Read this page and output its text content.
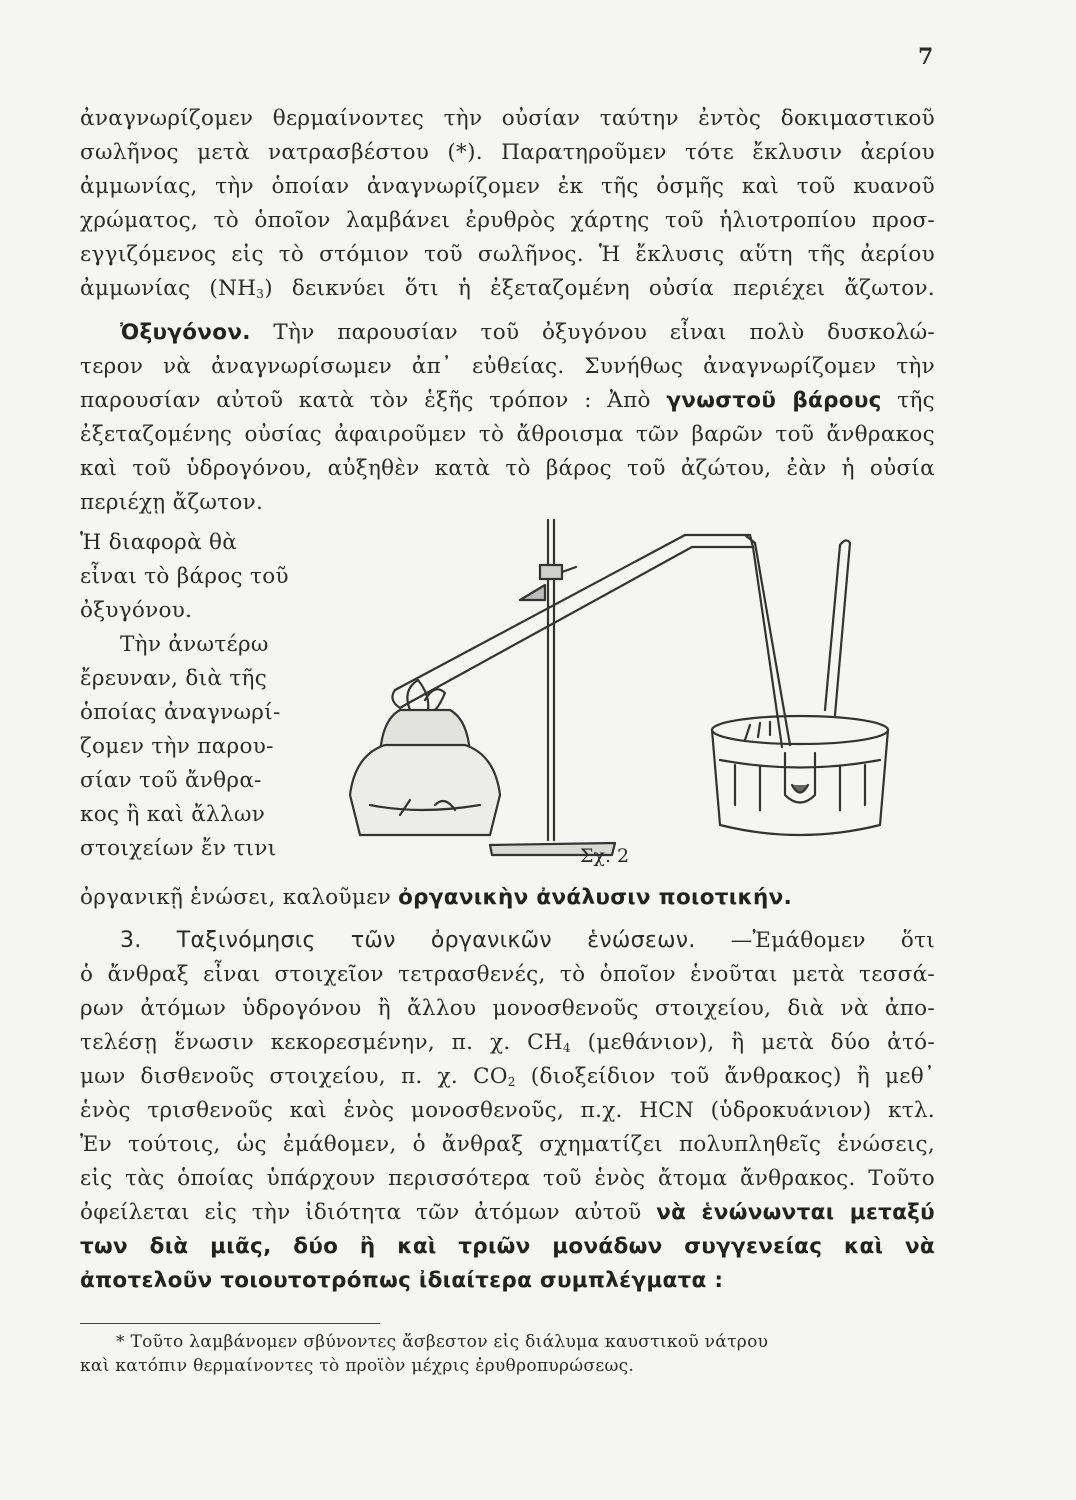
7
ἀναγνωρίζομεν θερμαίνοντες τὴν οὐσίαν ταύτην ἐντὸς δοκιμαστικοῦ
σωλῆνος μετὰ νατρασβέστου (*). Παρατηροῦμεν τότε ἔκλυσιν ἀερίου
ἀμμωνίας, τὴν ὁποίαν ἀναγνωρίζομεν ἐκ τῆς ὀσμῆς καὶ τοῦ κυανοῦ
χρώματος, τὸ ὁποῖον λαμβάνει ἐρυθρὸς χάρτης τοῦ ἡλιοτροπίου προσ-
εγγιζόμενος εἰς τὸ στόμιον τοῦ σωλῆνος. Ἡ ἔκλυσις αὕτη τῆς ἀερίου
ἀμμωνίας $(NH_3)$ δεικνύει ὅτι ἡ ἐξεταζομένη οὐσία περιέχει ἄζωτον.
Ὀξυγόνον. Τὴν παρουσίαν τοῦ ὀξυγόνου εἶναι πολὺ δυσκολώ-
τερον νὰ ἀναγνωρίσωμεν ἀπ᾽ εὐθείας. Συνήθως ἀναγνωρίζομεν τὴν
παρουσίαν αὐτοῦ κατὰ τὸν ἑξῆς τρόπον : Ἀπὸ γνωστοῦ βάρους τῆς
ἐξεταζομένης οὐσίας ἀφαιροῦμεν τὸ ἄθροισμα τῶν βαρῶν τοῦ ἄνθρακος
καὶ τοῦ ὑδρογόνου, αὐξηθὲν κατὰ τὸ βάρος τοῦ ἀζώτου, ἐὰν ἡ οὐσία
περιέχῃ ἄζωτον.
Ἡ διαφορὰ θὰ
εἶναι τὸ βάρος τοῦ
ὀξυγόνου.
Τὴν ἀνωτέρω
ἔρευναν, διὰ τῆς
ὁποίας ἀναγνωρί-
ζομεν τὴν παρου-
σίαν τοῦ ἄνθρα-
κος ἢ καὶ ἄλλων
στοιχείων ἔν τινι	Σχ. 2
ὀργανικῇ ἑνώσει, καλοῦμεν ὀργανικὴν ἀνάλυσιν ποιοτικήν.
3. Ταξινόμησις τῶν ὀργανικῶν ἑνώσεων. —Ἐμάθομεν ὅτι
ὁ ἄνθραξ εἶναι στοιχεῖον τετρασθενές, τὸ ὁποῖον ἑνοῦται μετὰ τεσσά-
ρων ἀτόμων ὑδρογόνου ἢ ἄλλου μονοσθενοῦς στοιχείου, διὰ νὰ ἀπο-
τελέσῃ ἕνωσιν κεκορεσμένην, π. χ. $CH_4$ (μεθάνιον), ἢ μετὰ δύο ἀτό-
μων δισθενοῦς στοιχείου, π. χ. $CO_2$ (διοξείδιον τοῦ ἄνθρακος) ἢ μεθ᾽
ἑνὸς τρισθενοῦς καὶ ἑνὸς μονοσθενοῦς, π.χ. HCN (ὑδροκυάνιον) κτλ.
Ἐν τούτοις, ὡς ἐμάθομεν, ὁ ἄνθραξ σχηματίζει πολυπληθεῖς ἑνώσεις,
εἰς τὰς ὁποίας ὑπάρχουν περισσότερα τοῦ ἑνὸς ἄτομα ἄνθρακος. Τοῦτο
ὀφείλεται εἰς τὴν ἰδιότητα τῶν ἀτόμων αὐτοῦ νὰ ἑνώνωνται μεταξύ
των διὰ μιᾶς, δύο ἢ καὶ τριῶν μονάδων συγγενείας καὶ νὰ
ἀποτελοῦν τοιουτοτρόπως ἰδιαίτερα συμπλέγματα :
* Τοῦτο λαμβάνομεν σβύνοντες ἄσβεστον εἰς διάλυμα καυστικοῦ νάτρου
καὶ κατόπιν θερμαίνοντες τὸ προϊὸν μέχρις ἐρυθροπυρώσεως.
